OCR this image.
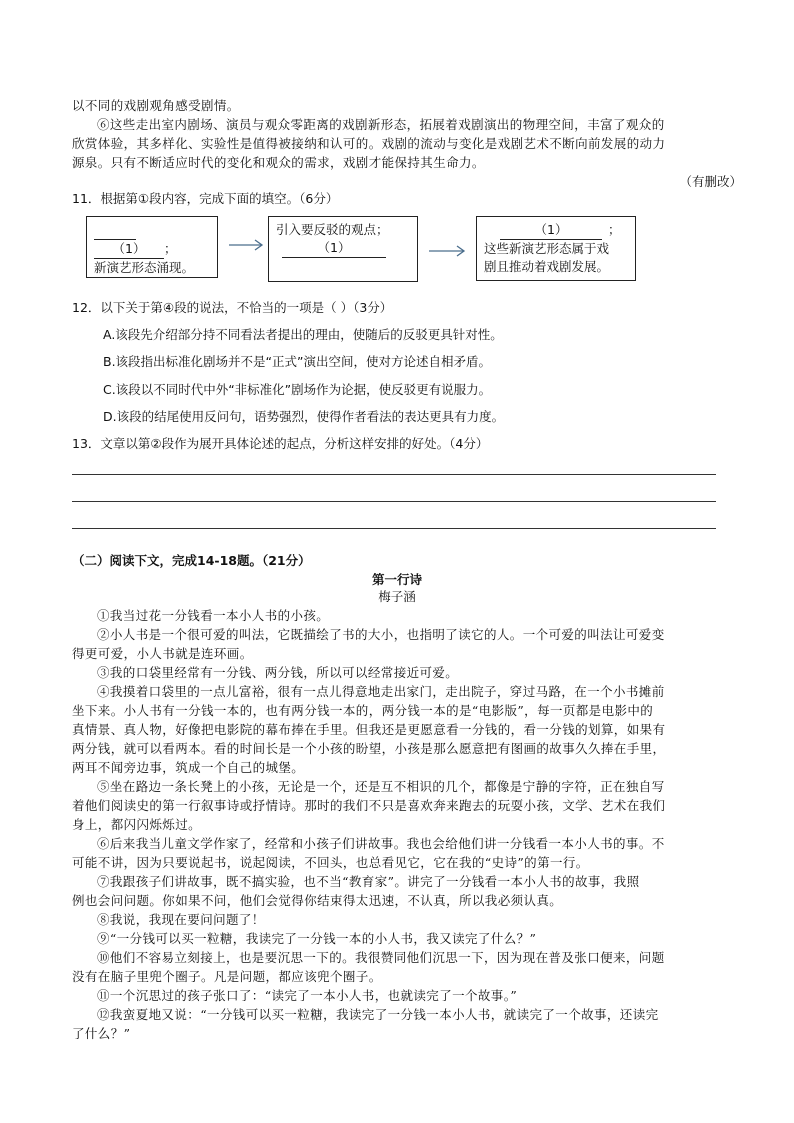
以不同的戏剧观角感受剧情。
⑥这些走出室内剧场、演员与观众零距离的戏剧新形态，拓展着戏剧演出的物理空间，丰富了观众的
欣赏体验，其多样化、实验性是值得被接纳和认可的。戏剧的流动与变化是戏剧艺术不断向前发展的动力
源泉。只有不断适应时代的变化和观众的需求，戏剧才能保持其生命力。
（有删改）
11．根据第①段内容，完成下面的填空。（6分）

（1） ；
新演艺形态涌现。
引入要反驳的观点；
（1）
（1）	；
这些新演艺形态属于戏
剧且推动着戏剧发展。
12．以下关于第④段的说法，不恰当的一项是（ ）（3分）
A.该段先介绍部分持不同看法者提出的理由，使随后的反驳更具针对性。
B.该段指出标准化剧场并不是“正式”演出空间，使对方论述自相矛盾。
C.该段以不同时代中外“非标准化”剧场作为论据，使反驳更有说服力。
D.该段的结尾使用反问句，语势强烈，使得作者看法的表达更具有力度。
13．文章以第②段作为展开具体论述的起点，分析这样安排的好处。（4分）
（二）阅读下文，完成14-18题。（21分）
第一行诗
梅子涵
①我当过花一分钱看一本小人书的小孩。
②小人书是一个很可爱的叫法，它既描绘了书的大小，也指明了读它的人。一个可爱的叫法让可爱变
得更可爱，小人书就是连环画。
③我的口袋里经常有一分钱、两分钱，所以可以经常接近可爱。
④我摸着口袋里的一点儿富裕，很有一点儿得意地走出家门，走出院子，穿过马路，在一个小书摊前
坐下来。小人书有一分钱一本的，也有两分钱一本的，两分钱一本的是“电影版”，每一页都是电影中的
真情景、真人物，好像把电影院的幕布捧在手里。但我还是更愿意看一分钱的，看一分钱的划算，如果有
两分钱，就可以看两本。看的时间长是一个小孩的盼望，小孩是那么愿意把有图画的故事久久捧在手里，
两耳不闻旁边事，筑成一个自己的城堡。
⑤坐在路边一条长凳上的小孩，无论是一个，还是互不相识的几个，都像是宁静的字符，正在独自写
着他们阅读史的第一行叙事诗或抒情诗。那时的我们不只是喜欢奔来跑去的玩耍小孩，文学、艺术在我们
身上，都闪闪烁烁过。
⑥后来我当儿童文学作家了，经常和小孩子们讲故事。我也会给他们讲一分钱看一本小人书的事。不
可能不讲，因为只要说起书，说起阅读，不回头，也总看见它，它在我的“史诗”的第一行。
⑦我跟孩子们讲故事，既不搞实验，也不当“教育家”。讲完了一分钱看一本小人书的故事，我照
例也会问问题。你如果不问，他们会觉得你结束得太迅速，不认真，所以我必须认真。
⑧我说，我现在要问问题了！
⑨“一分钱可以买一粒糖，我读完了一分钱一本的小人书，我又读完了什么？”
⑩他们不容易立刻接上，也是要沉思一下的。我很赞同他们沉思一下，因为现在普及张口便来，问题
没有在脑子里兜个圈子。凡是问题，都应该兜个圈子。
⑪一个沉思过的孩子张口了：“读完了一本小人书，也就读完了一个故事。”
⑫我蛮夏地又说：“一分钱可以买一粒糖，我读完了一分钱一本小人书，就读完了一个故事，还读完
了什么？”
